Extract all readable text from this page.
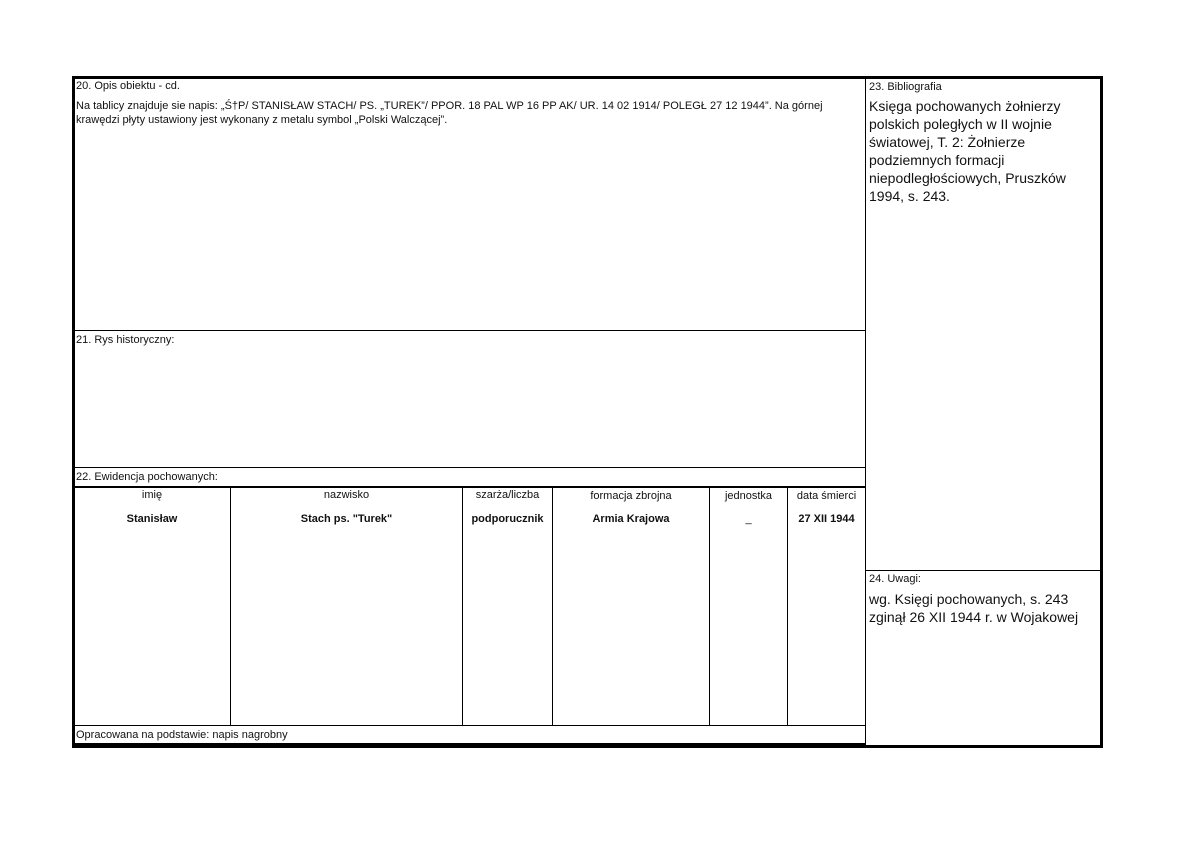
20. Opis obiektu - cd.
Na tablicy znajduje sie napis: „Ś†P/ STANISŁAW STACH/ PS. „TUREK”/ PPOR. 18 PAL WP 16 PP AK/ UR. 14 02 1914/ POLEGŁ 27 12 1944”. Na górnej krawędzi płyty ustawiony jest wykonany z metalu symbol „Polski Walczącej”.
21. Rys historyczny:
22. Ewidencja pochowanych:
imię	nazwisko	szarża/liczba	formacja zbrojna	jednostka	data śmierci
Stanisław	Stach ps. "Turek"	podporucznik	Armia Krajowa	_	27 XII 1944
Opracowana na podstawie: napis nagrobny
23. Bibliografia
Księga pochowanych żołnierzy polskich poległych w II wojnie światowej, T. 2: Żołnierze podziemnych formacji niepodległościowych, Pruszków 1994, s. 243.
24. Uwagi:
wg. Księgi pochowanych, s. 243
zginął 26 XII 1944 r. w Wojakowej
